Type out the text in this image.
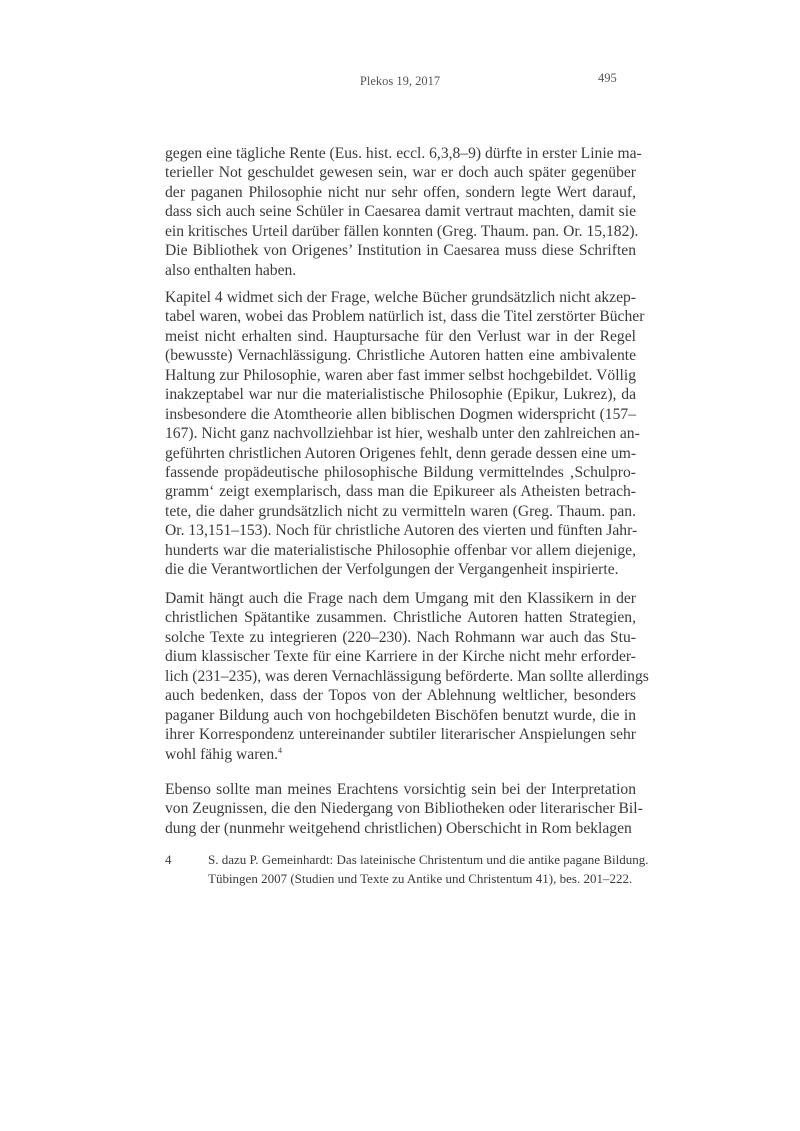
Plekos 19, 2017	495
gegen eine tägliche Rente (Eus. hist. eccl. 6,3,8–9) dürfte in erster Linie ma-
terieller Not geschuldet gewesen sein, war er doch auch später gegenüber
der paganen Philosophie nicht nur sehr offen, sondern legte Wert darauf,
dass sich auch seine Schüler in Caesarea damit vertraut machten, damit sie
ein kritisches Urteil darüber fällen konnten (Greg. Thaum. pan. Or. 15,182).
Die Bibliothek von Origenes’ Institution in Caesarea muss diese Schriften
also enthalten haben.
Kapitel 4 widmet sich der Frage, welche Bücher grundsätzlich nicht akzep-
tabel waren, wobei das Problem natürlich ist, dass die Titel zerstörter Bücher
meist nicht erhalten sind. Hauptursache für den Verlust war in der Regel
(bewusste) Vernachlässigung. Christliche Autoren hatten eine ambivalente
Haltung zur Philosophie, waren aber fast immer selbst hochgebildet. Völlig
inakzeptabel war nur die materialistische Philosophie (Epikur, Lukrez), da
insbesondere die Atomtheorie allen biblischen Dogmen widerspricht (157–
167). Nicht ganz nachvollziehbar ist hier, weshalb unter den zahlreichen an-
geführten christlichen Autoren Origenes fehlt, denn gerade dessen eine um-
fassende propädeutische philosophische Bildung vermittelndes ‚Schulpro-
gramm‘ zeigt exemplarisch, dass man die Epikureer als Atheisten betrach-
tete, die daher grundsätzlich nicht zu vermitteln waren (Greg. Thaum. pan.
Or. 13,151–153). Noch für christliche Autoren des vierten und fünften Jahr-
hunderts war die materialistische Philosophie offenbar vor allem diejenige,
die die Verantwortlichen der Verfolgungen der Vergangenheit inspirierte.
Damit hängt auch die Frage nach dem Umgang mit den Klassikern in der
christlichen Spätantike zusammen. Christliche Autoren hatten Strategien,
solche Texte zu integrieren (220–230). Nach Rohmann war auch das Stu-
dium klassischer Texte für eine Karriere in der Kirche nicht mehr erforder-
lich (231–235), was deren Vernachlässigung beförderte. Man sollte allerdings
auch bedenken, dass der Topos von der Ablehnung weltlicher, besonders
paganer Bildung auch von hochgebildeten Bischöfen benutzt wurde, die in
ihrer Korrespondenz untereinander subtiler literarischer Anspielungen sehr
wohl fähig waren.$^4$
Ebenso sollte man meines Erachtens vorsichtig sein bei der Interpretation
von Zeugnissen, die den Niedergang von Bibliotheken oder literarischer Bil-
dung der (nunmehr weitgehend christlichen) Oberschicht in Rom beklagen
4	S. dazu P. Gemeinhardt: Das lateinische Christentum und die antike pagane Bildung.
Tübingen 2007 (Studien und Texte zu Antike und Christentum 41), bes. 201–222.
